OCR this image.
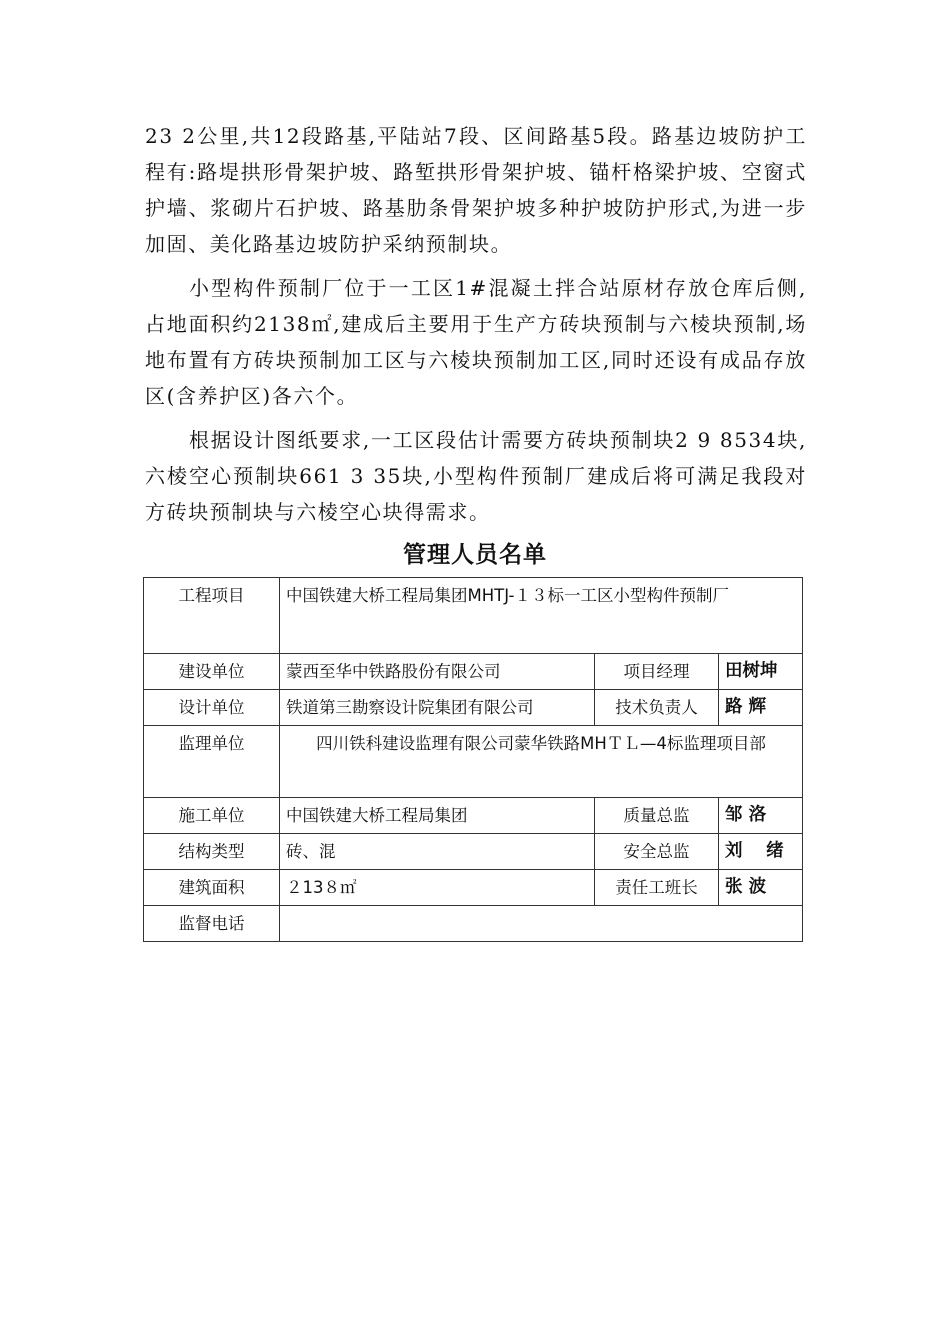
23 2公里,共12段路基,平陆站7段、区间路基5段。路基边坡防护工程有:路堤拱形骨架护坡、路堑拱形骨架护坡、锚杆格梁护坡、空窗式护墙、浆砌片石护坡、路基肋条骨架护坡多种护坡防护形式,为进一步加固、美化路基边坡防护采纳预制块。

小型构件预制厂位于一工区1#混凝土拌合站原材存放仓库后侧,占地面积约2138㎡,建成后主要用于生产方砖块预制与六棱块预制,场地布置有方砖块预制加工区与六棱块预制加工区,同时还设有成品存放区(含养护区)各六个。

根据设计图纸要求,一工区段估计需要方砖块预制块2 9 8534块,六棱空心预制块661 3 35块,小型构件预制厂建成后将可满足我段对方砖块预制块与六棱空心块得需求。

管理人员名单
工程项目	中国铁建大桥工程局集团MHTJ-１３标一工区小型构件预制厂		
建设单位	蒙西至华中铁路股份有限公司	项目经理	田树坤
设计单位	铁道第三勘察设计院集团有限公司	技术负责人	路 辉
监理单位	四川铁科建设监理有限公司蒙华铁路MHＴＬ—4标监理项目部		
施工单位	中国铁建大桥工程局集团	质量总监	邹 洛
结构类型	砖、混	安全总监	刘　 绪
建筑面积	２13８㎡	责任工班长	张 波
监督电话			
